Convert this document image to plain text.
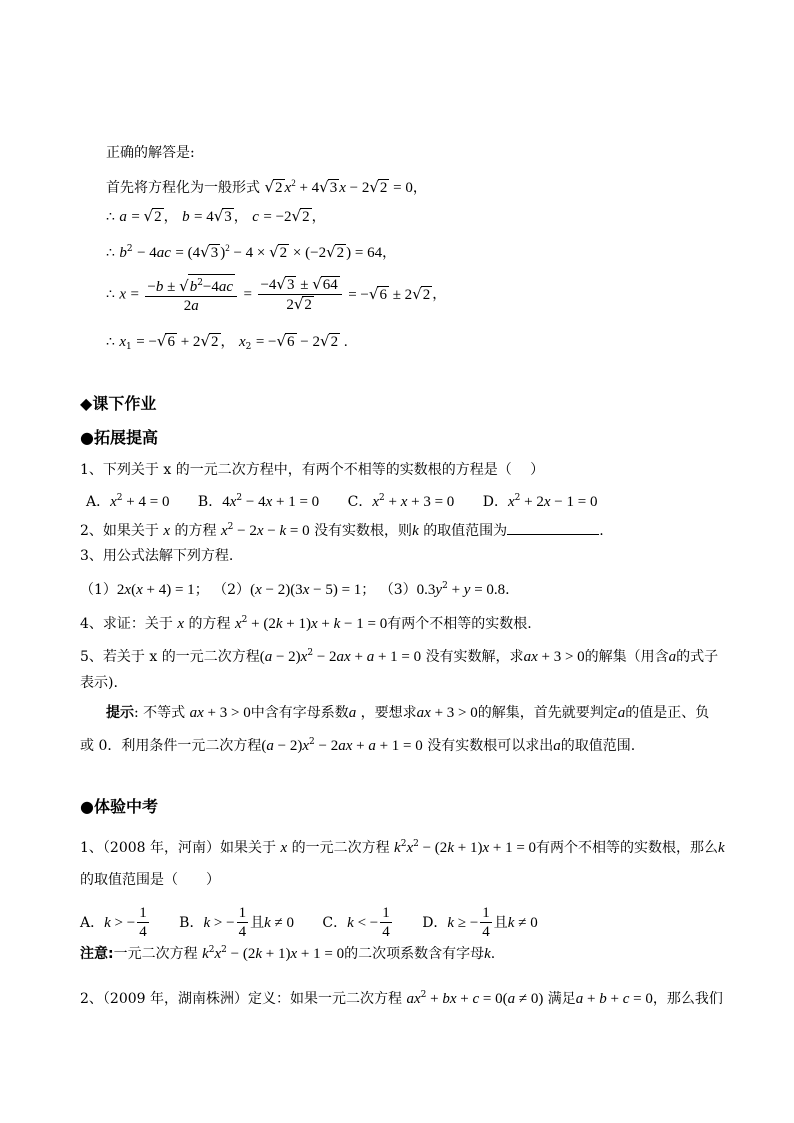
正确的解答是:
首先将方程化为一般形式 √2 $x^2 + 4√3$ x − 2√2 = 0，
∴ a = √2 ， b = 4√3 ， c = −2√2 ，
∴ $b^2 - 4ac = (4√3$ )$^2$ − 4 × √2 × (−2√2 ) = 64，
∴ $x = \frac{-b \pm √b^2-4ac}{2a} = \frac{-4√3 \pm √64}{2√2} = -√6 \pm 2√2$ ，
∴ $x_1 = -√6 + 2√2$ ， $x_2 = -√6 - 2√2$ .
◆课下作业
●拓展提高
1、下列关于 x 的一元二次方程中，有两个不相等的实数根的方程是（　 ）
A．$x^2 + 4 = 0$ B．$4x^2 - 4x + 1 = 0$ C．$x^2 + x + 3 = 0$ D．$x^2 + 2x - 1 = 0$
2、如果关于 x 的方程 $x^2 - 2x - k = 0$ 没有实数根，则k 的取值范围为	.
3、用公式法解下列方程.
（1）2x(x + 4) = 1； （2）(x − 2)(3x − 5) = 1； $(3)0.3y^2 + y = 0.8$.
4、求证：关于 x 的方程 $x^2 + (2k + 1)x + k - 1 = 0$有两个不相等的实数根.
5、若关于 x 的一元二次方程$(a - 2)x^2 - 2ax + a + 1 = 0$ 没有实数解，求ax + 3 > 0的解集（用含a的式子
表示).
提示: 不等式 ax + 3 > 0中含有字母系数a ，要想求ax + 3 > 0的解集，首先就要判定a的值是正、负
或 0．利用条件一元二次方程$(a - 2)x^2 - 2ax + a + 1 = 0$ 没有实数根可以求出a的取值范围.
●体验中考
1、（2008 年，河南）如果关于 x 的一元二次方程 $k^2x^2 - (2k + 1)x + 1 = 0$有两个不相等的实数根，那么k
的取值范围是（　　）
A．k > − $\frac{1}{4}$ B．k > − $\frac{1}{4}$ 且k ≠ 0 C．k < − $\frac{1}{4}$ D．k ≥ − $\frac{1}{4}$ 且k ≠ 0
注意:一元二次方程 $k^2x^2 - (2k + 1)x + 1 = 0$的二次项系数含有字母k.
2、（2009 年，湖南株洲）定义：如果一元二次方程 $ax^2$ + bx + c = 0(a ≠ 0) 满足a + b + c = 0，那么我们
